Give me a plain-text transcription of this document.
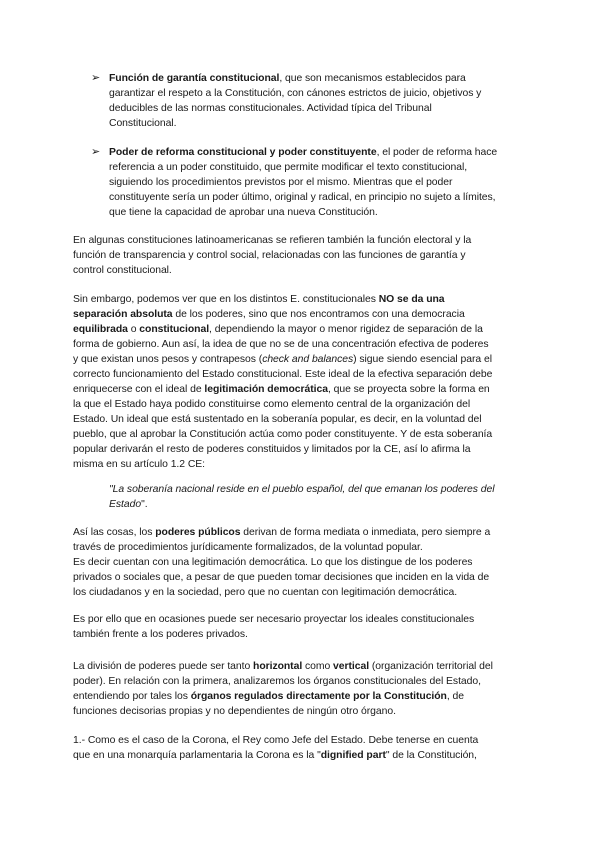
➢ Función de garantía constitucional, que son mecanismos establecidos para
garantizar el respeto a la Constitución, con cánones estrictos de juicio, objetivos y
deducibles de las normas constitucionales. Actividad típica del Tribunal
Constitucional.
➢ Poder de reforma constitucional y poder constituyente, el poder de reforma hace
referencia a un poder constituido, que permite modificar el texto constitucional,
siguiendo los procedimientos previstos por el mismo. Mientras que el poder
constituyente sería un poder último, original y radical, en principio no sujeto a límites,
que tiene la capacidad de aprobar una nueva Constitución.
En algunas constituciones latinoamericanas se refieren también la función electoral y la
función de transparencia y control social, relacionadas con las funciones de garantía y
control constitucional.
Sin embargo, podemos ver que en los distintos E. constitucionales NO se da una
separación absoluta de los poderes, sino que nos encontramos con una democracia
equilibrada o constitucional, dependiendo la mayor o menor rigidez de separación de la
forma de gobierno. Aun así, la idea de que no se de una concentración efectiva de poderes
y que existan unos pesos y contrapesos (check and balances) sigue siendo esencial para el
correcto funcionamiento del Estado constitucional. Este ideal de la efectiva separación debe
enriquecerse con el ideal de legitimación democrática, que se proyecta sobre la forma en
la que el Estado haya podido constituirse como elemento central de la organización del
Estado. Un ideal que está sustentado en la soberanía popular, es decir, en la voluntad del
pueblo, que al aprobar la Constitución actúa como poder constituyente. Y de esta soberanía
popular derivarán el resto de poderes constituidos y limitados por la CE, así lo afirma la
misma en su artículo 1.2 CE:
"La soberanía nacional reside en el pueblo español, del que emanan los poderes del
Estado".
Así las cosas, los poderes públicos derivan de forma mediata o inmediata, pero siempre a
través de procedimientos jurídicamente formalizados, de la voluntad popular.
Es decir cuentan con una legitimación democrática. Lo que los distingue de los poderes
privados o sociales que, a pesar de que pueden tomar decisiones que inciden en la vida de
los ciudadanos y en la sociedad, pero que no cuentan con legitimación democrática.
Es por ello que en ocasiones puede ser necesario proyectar los ideales constitucionales
también frente a los poderes privados.
La división de poderes puede ser tanto horizontal como vertical (organización territorial del
poder). En relación con la primera, analizaremos los órganos constitucionales del Estado,
entendiendo por tales los órganos regulados directamente por la Constitución, de
funciones decisorias propias y no dependientes de ningún otro órgano.
1.- Como es el caso de la Corona, el Rey como Jefe del Estado. Debe tenerse en cuenta
que en una monarquía parlamentaria la Corona es la "dignified part" de la Constitución,
